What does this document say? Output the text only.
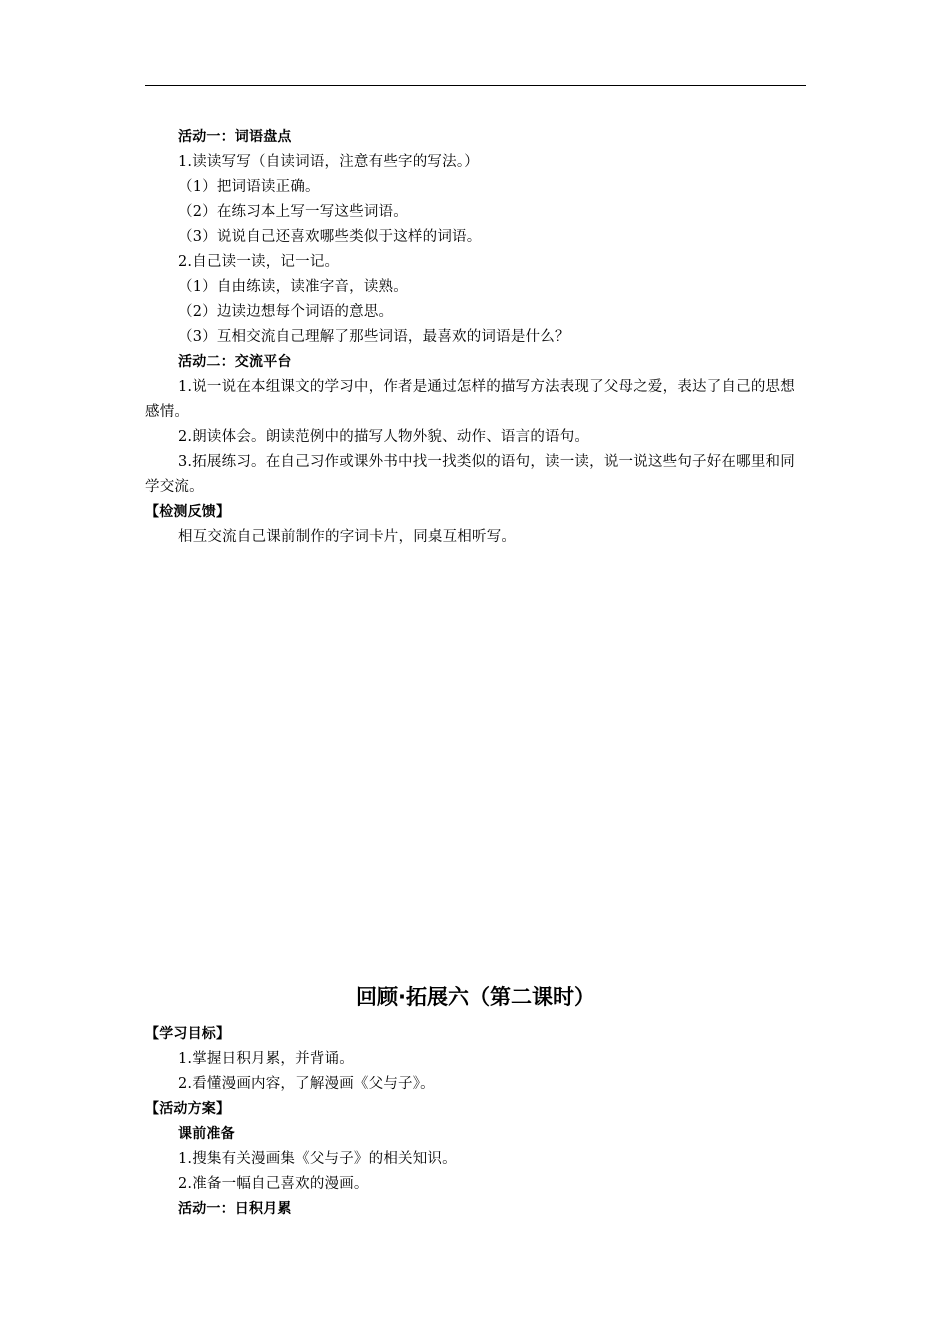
活动一：词语盘点
1.读读写写（自读词语，注意有些字的写法。）
（1）把词语读正确。
（2）在练习本上写一写这些词语。
（3）说说自己还喜欢哪些类似于这样的词语。
2.自己读一读，记一记。
（1）自由练读，读准字音，读熟。
（2）边读边想每个词语的意思。
（3）互相交流自己理解了那些词语，最喜欢的词语是什么？
活动二：交流平台
1.说一说在本组课文的学习中，作者是通过怎样的描写方法表现了父母之爱，表达了自己的思想感情。
2.朗读体会。朗读范例中的描写人物外貌、动作、语言的语句。
3.拓展练习。在自己习作或课外书中找一找类似的语句，读一读，说一说这些句子好在哪里和同学交流。
【检测反馈】
相互交流自己课前制作的字词卡片，同桌互相听写。
回顾·拓展六（第二课时）
【学习目标】
1.掌握日积月累，并背诵。
2.看懂漫画内容，了解漫画《父与子》。
【活动方案】
课前准备
1.搜集有关漫画集《父与子》的相关知识。
2.准备一幅自己喜欢的漫画。
活动一：日积月累
